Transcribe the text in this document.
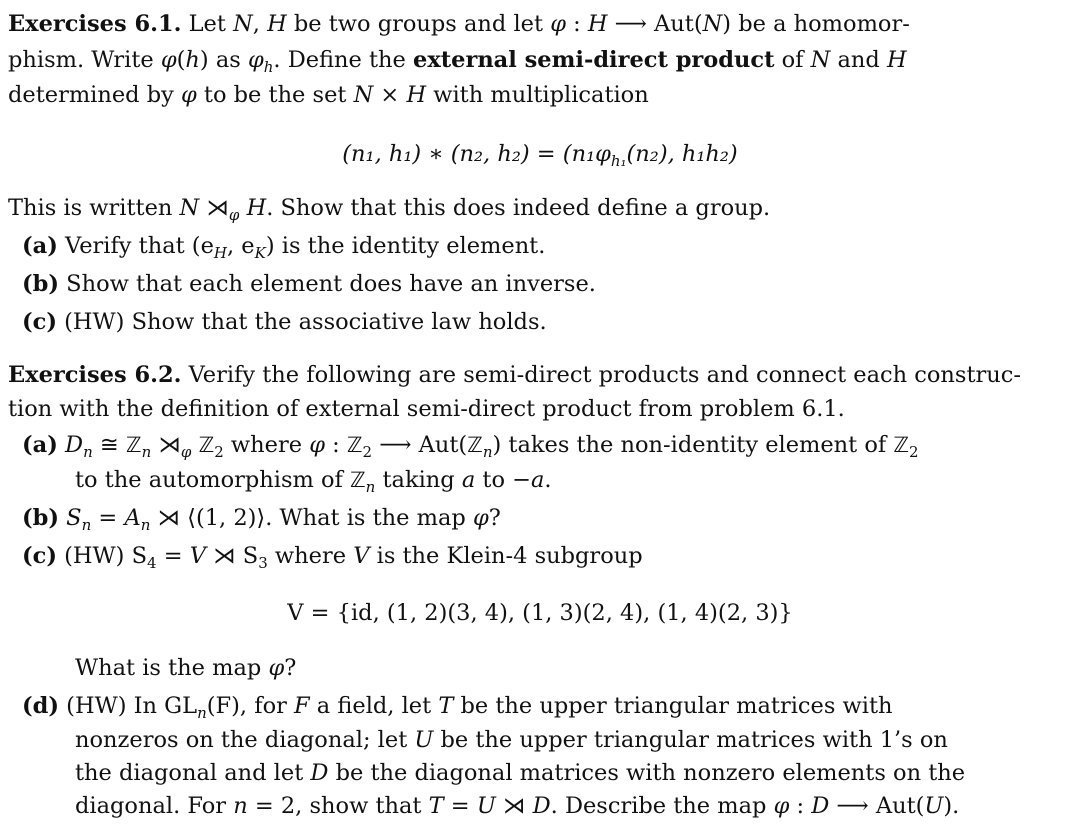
Exercises 6.1. Let N, H be two groups and let φ : H ⟶ Aut(N) be a homomor-
phism. Write φ(h) as $\varphi_h$. Define the external semi-direct product of N and H
determined by φ to be the set N × H with multiplication
(n₁, h₁) ∗ (n₂, $h_2) = (n_1\varphi_{h_1}(n_2)$, h₁h₂)
This is written N $⋊_\varphi$ H. Show that this does indeed define a group.
(a) Verify that ($e_H$, $e_K$) is the identity element.
(b) Show that each element does have an inverse.
(c) (HW) Show that the associative law holds.
Exercises 6.2. Verify the following are semi-direct products and connect each construc-
tion with the definition of external semi-direct product from problem 6.1.
(a) $D_n$ ≅ ℤ$_n$ $⋊_\varphi$ ℤ$_2$ where φ : ℤ$_2$ ⟶ Aut(ℤ$_n$) takes the non-identity element of ℤ$_2$
to the automorphism of ℤ$_n$ taking a to −a.
(b) $S_n = A_n$ ⋊ ⟨(1, 2)⟩. What is the map φ?
(c) (HW) $S_4 = V$ ⋊ $S_3$ where V is the Klein-4 subgroup
V = {id, (1, 2)(3, 4), (1, 3)(2, 4), (1, 4)(2, 3)}
What is the map φ?
(d) (HW) In $GL_n(F)$, for F a field, let T be the upper triangular matrices with
nonzeros on the diagonal; let U be the upper triangular matrices with 1’s on
the diagonal and let D be the diagonal matrices with nonzero elements on the
diagonal. For n = 2, show that T = U ⋊ D. Describe the map φ : D ⟶ Aut(U).
